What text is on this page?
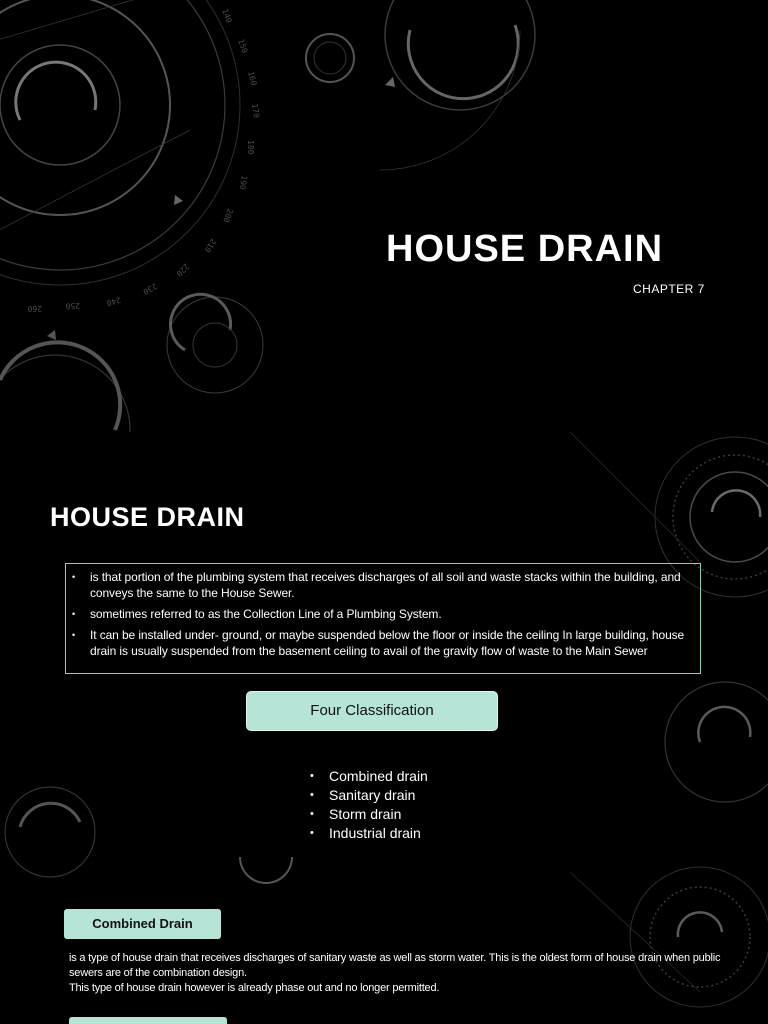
140
150
160
170
180
190
200
210
220
230
240
250
260
HOUSE DRAIN
CHAPTER 7
HOUSE DRAIN
• is that portion of the plumbing system that receives discharges of all soil and waste stacks within the building, and conveys the same to the House Sewer.
• sometimes referred to as the Collection Line of a Plumbing System.
• It can be installed under- ground, or maybe suspended below the floor or inside the ceiling In large building, house drain is usually suspended from the basement ceiling to avail of the gravity flow of waste to the Main Sewer
Four Classification
• Combined drain
• Sanitary drain
• Storm drain
• Industrial drain
Combined Drain

is a type of house drain that receives discharges of sanitary waste as well as storm water. This is the oldest form of house drain when public sewers are of the combination design.

This type of house drain however is already phase out and no longer permitted.
